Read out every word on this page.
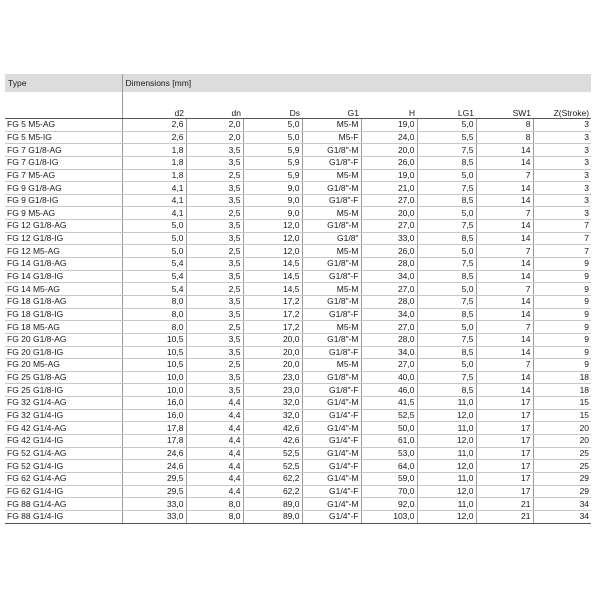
Type	Dimensions [mm]							

	d2	dn	Ds	G1	H	LG1	SW1	Z(Stroke)
FG 5 M5-AG	2,6	2,0	5,0	M5-M	19,0	5,0	8	3
FG 5 M5-IG	2,6	2,0	5,0	M5-F	24,0	5,5	8	3
FG 7 G1/8-AG	1,8	3,5	5,9	G1/8"-M	20,0	7,5	14	3
FG 7 G1/8-IG	1,8	3,5	5,9	G1/8"-F	26,0	8,5	14	3
FG 7 M5-AG	1,8	2,5	5,9	M5-M	19,0	5,0	7	3
FG 9 G1/8-AG	4,1	3,5	9,0	G1/8"-M	21,0	7,5	14	3
FG 9 G1/8-IG	4,1	3,5	9,0	G1/8"-F	27,0	8,5	14	3
FG 9 M5-AG	4,1	2,5	9,0	M5-M	20,0	5,0	7	3
FG 12 G1/8-AG	5,0	3,5	12,0	G1/8"-M	27,0	7,5	14	7
FG 12 G1/8-IG	5,0	3,5	12,0	G1/8"	33,0	8,5	14	7
FG 12 M5-AG	5,0	2,5	12,0	M5-M	26,0	5,0	7	7
FG 14 G1/8-AG	5,4	3,5	14,5	G1/8"-M	28,0	7,5	14	9
FG 14 G1/8-IG	5,4	3,5	14,5	G1/8"-F	34,0	8,5	14	9
FG 14 M5-AG	5,4	2,5	14,5	M5-M	27,0	5,0	7	9
FG 18 G1/8-AG	8,0	3,5	17,2	G1/8"-M	28,0	7,5	14	9
FG 18 G1/8-IG	8,0	3,5	17,2	G1/8"-F	34,0	8,5	14	9
FG 18 M5-AG	8,0	2,5	17,2	M5-M	27,0	5,0	7	9
FG 20 G1/8-AG	10,5	3,5	20,0	G1/8"-M	28,0	7,5	14	9
FG 20 G1/8-IG	10,5	3,5	20,0	G1/8"-F	34,0	8,5	14	9
FG 20 M5-AG	10,5	2,5	20,0	M5-M	27,0	5,0	7	9
FG 25 G1/8-AG	10,0	3,5	23,0	G1/8"-M	40,0	7,5	14	18
FG 25 G1/8-IG	10,0	3,5	23,0	G1/8"-F	46,0	8,5	14	18
FG 32 G1/4-AG	16,0	4,4	32,0	G1/4"-M	41,5	11,0	17	15
FG 32 G1/4-IG	16,0	4,4	32,0	G1/4"-F	52,5	12,0	17	15
FG 42 G1/4-AG	17,8	4,4	42,6	G1/4"-M	50,0	11,0	17	20
FG 42 G1/4-IG	17,8	4,4	42,6	G1/4"-F	61,0	12,0	17	20
FG 52 G1/4-AG	24,6	4,4	52,5	G1/4"-M	53,0	11,0	17	25
FG 52 G1/4-IG	24,6	4,4	52,5	G1/4"-F	64,0	12,0	17	25
FG 62 G1/4-AG	29,5	4,4	62,2	G1/4"-M	59,0	11,0	17	29
FG 62 G1/4-IG	29,5	4,4	62,2	G1/4"-F	70,0	12,0	17	29
FG 88 G1/4-AG	33,0	8,0	89,0	G1/4"-M	92,0	11,0	21	34
FG 88 G1/4-IG	33,0	8,0	89,0	G1/4"-F	103,0	12,0	21	34
